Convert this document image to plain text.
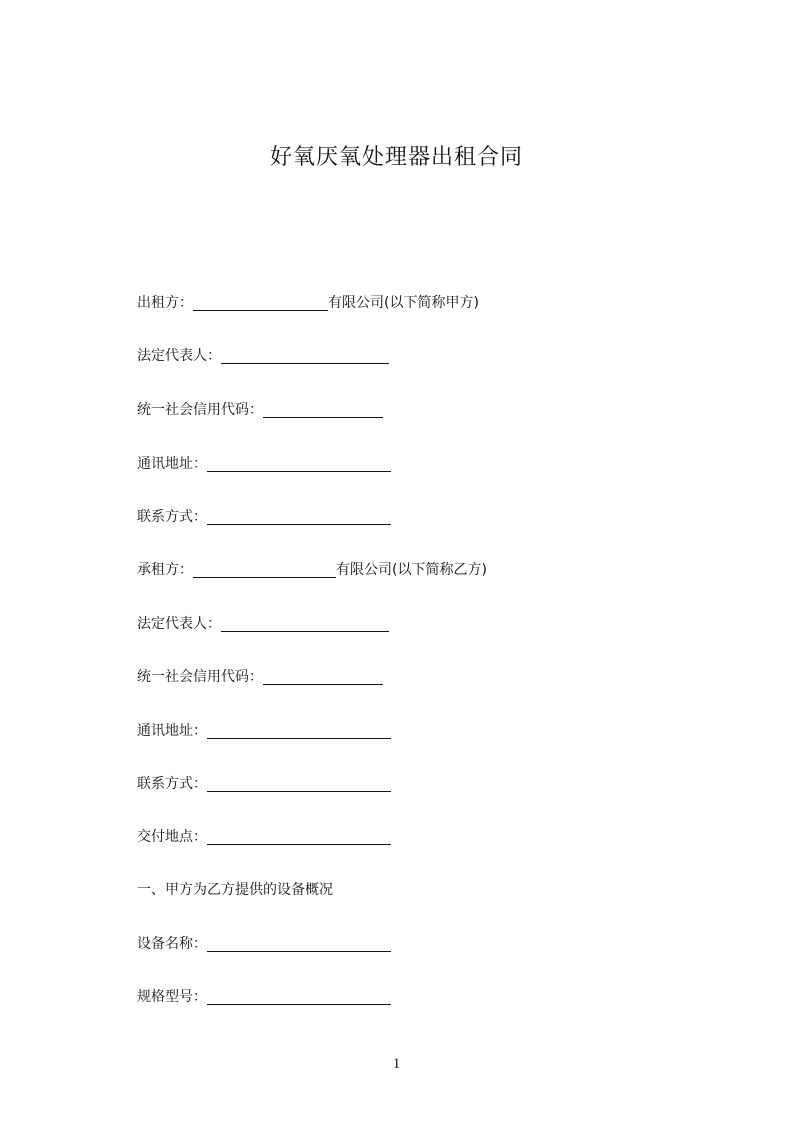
好氧厌氧处理器出租合同
出租方：	有限公司(以下简称甲方)
法定代表人：
统一社会信用代码：
通讯地址：
联系方式：
承租方：	有限公司(以下简称乙方)
法定代表人：
统一社会信用代码：
通讯地址：
联系方式：
交付地点：
一、甲方为乙方提供的设备概况
设备名称：
规格型号：
1
